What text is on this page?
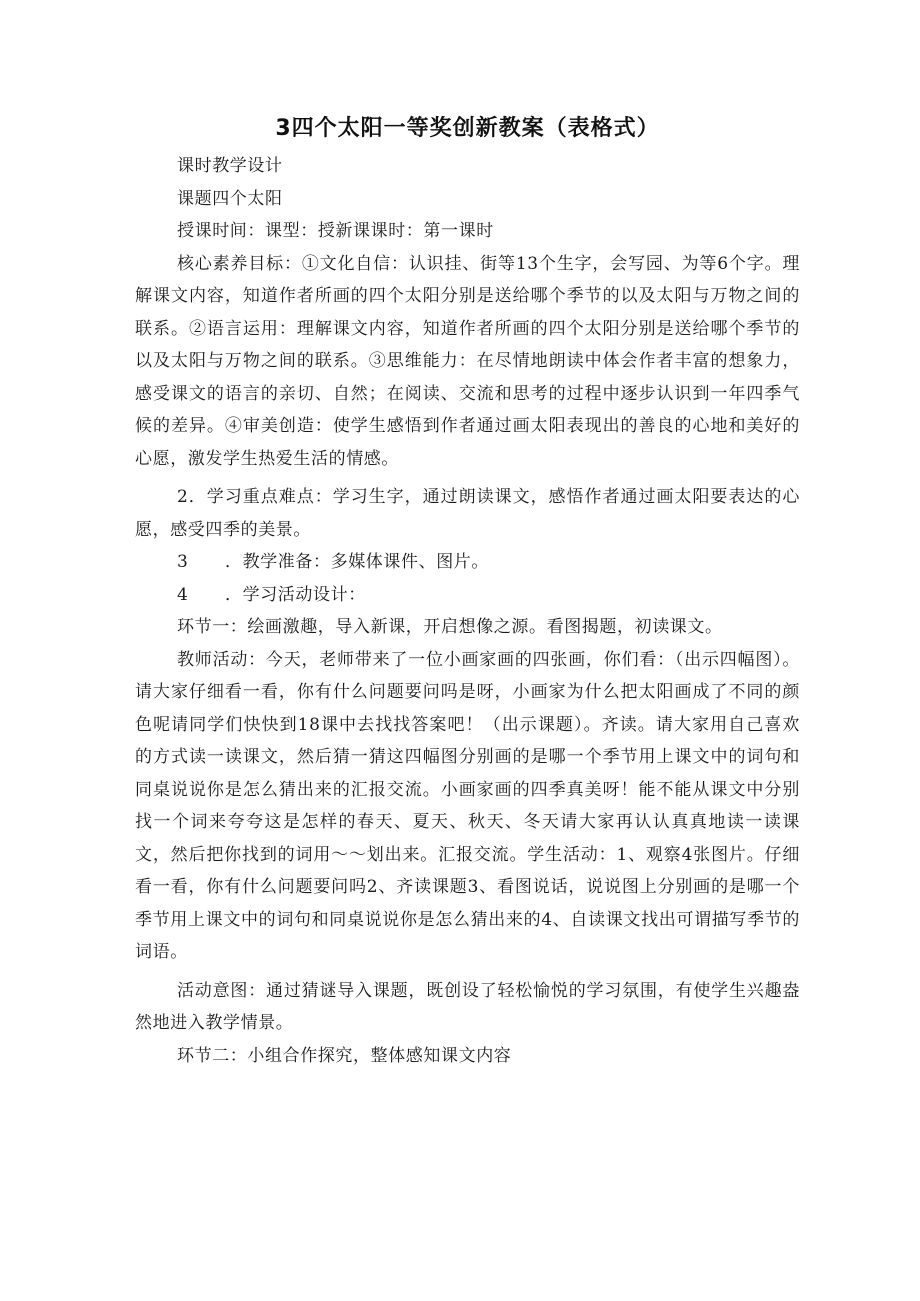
3四个太阳一等奖创新教案（表格式）

课时教学设计

课题四个太阳

授课时间：课型：授新课课时：第一课时

核心素养目标：①文化自信：认识挂、街等13个生字，会写园、为等6个字。理解课文内容，知道作者所画的四个太阳分别是送给哪个季节的以及太阳与万物之间的联系。②语言运用：理解课文内容，知道作者所画的四个太阳分别是送给哪个季节的以及太阳与万物之间的联系。③思维能力：在尽情地朗读中体会作者丰富的想象力，感受课文的语言的亲切、自然；在阅读、交流和思考的过程中逐步认识到一年四季气候的差异。④审美创造：使学生感悟到作者通过画太阳表现出的善良的心地和美好的心愿，激发学生热爱生活的情感。

2．学习重点难点：学习生字，通过朗读课文，感悟作者通过画太阳要表达的心愿，感受四季的美景。

3	．教学准备：多媒体课件、图片。

4	．学习活动设计：

环节一：绘画激趣，导入新课，开启想像之源。看图揭题，初读课文。

教师活动：今天，老师带来了一位小画家画的四张画，你们看：（出示四幅图）。请大家仔细看一看，你有什么问题要问吗是呀，小画家为什么把太阳画成了不同的颜色呢请同学们快快到18课中去找找答案吧！（出示课题）。齐读。请大家用自己喜欢的方式读一读课文，然后猜一猜这四幅图分别画的是哪一个季节用上课文中的词句和同桌说说你是怎么猜出来的汇报交流。小画家画的四季真美呀！能不能从课文中分别找一个词来夸夸这是怎样的春天、夏天、秋天、冬天请大家再认认真真地读一读课文，然后把你找到的词用～～划出来。汇报交流。学生活动：1、观察4张图片。仔细看一看，你有什么问题要问吗2、齐读课题3、看图说话，说说图上分别画的是哪一个季节用上课文中的词句和同桌说说你是怎么猜出来的4、自读课文找出可谓描写季节的词语。

活动意图：通过猜谜导入课题，既创设了轻松愉悦的学习氛围，有使学生兴趣盎然地进入教学情景。

环节二：小组合作探究，整体感知课文内容
